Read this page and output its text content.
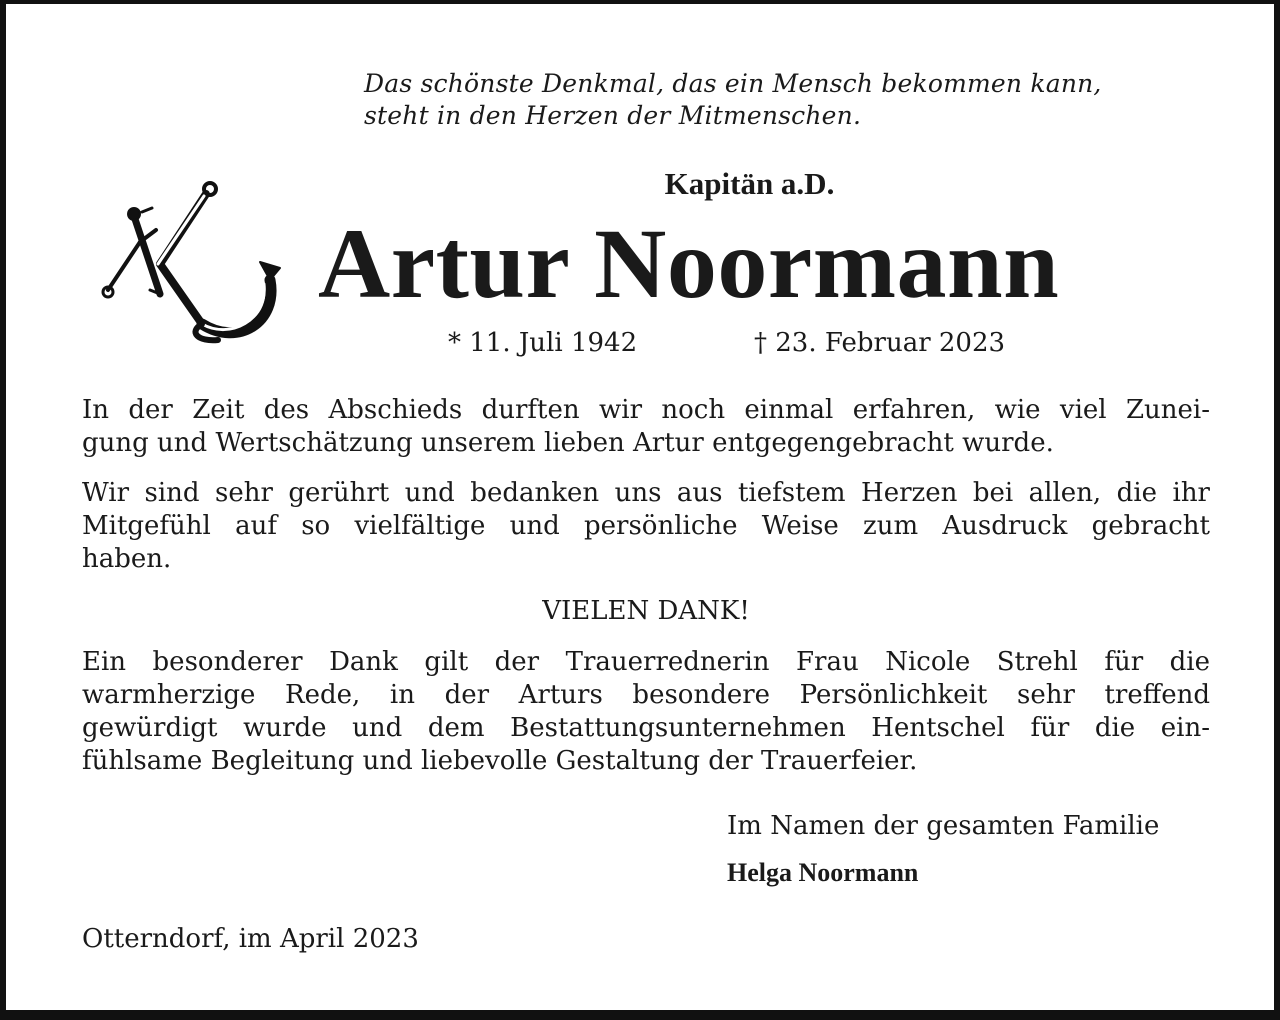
Das schönste Denkmal, das ein Mensch bekommen kann,
steht in den Herzen der Mitmenschen.
Kapitän a.D.
Artur Noormann
* 11. Juli 1942	† 23. Februar 2023
In der Zeit des Abschieds durften wir noch einmal erfahren, wie viel Zunei-
gung und Wertschätzung unserem lieben Artur entgegengebracht wurde.
Wir sind sehr gerührt und bedanken uns aus tiefstem Herzen bei allen, die ihr
Mitgefühl auf so vielfältige und persönliche Weise zum Ausdruck gebracht
haben.
VIELEN DANK!
Ein besonderer Dank gilt der Trauerrednerin Frau Nicole Strehl für die
warmherzige Rede, in der Arturs besondere Persönlichkeit sehr treffend
gewürdigt wurde und dem Bestattungsunternehmen Hentschel für die ein-
fühlsame Begleitung und liebevolle Gestaltung der Trauerfeier.
Im Namen der gesamten Familie
Helga Noormann
Otterndorf, im April 2023
